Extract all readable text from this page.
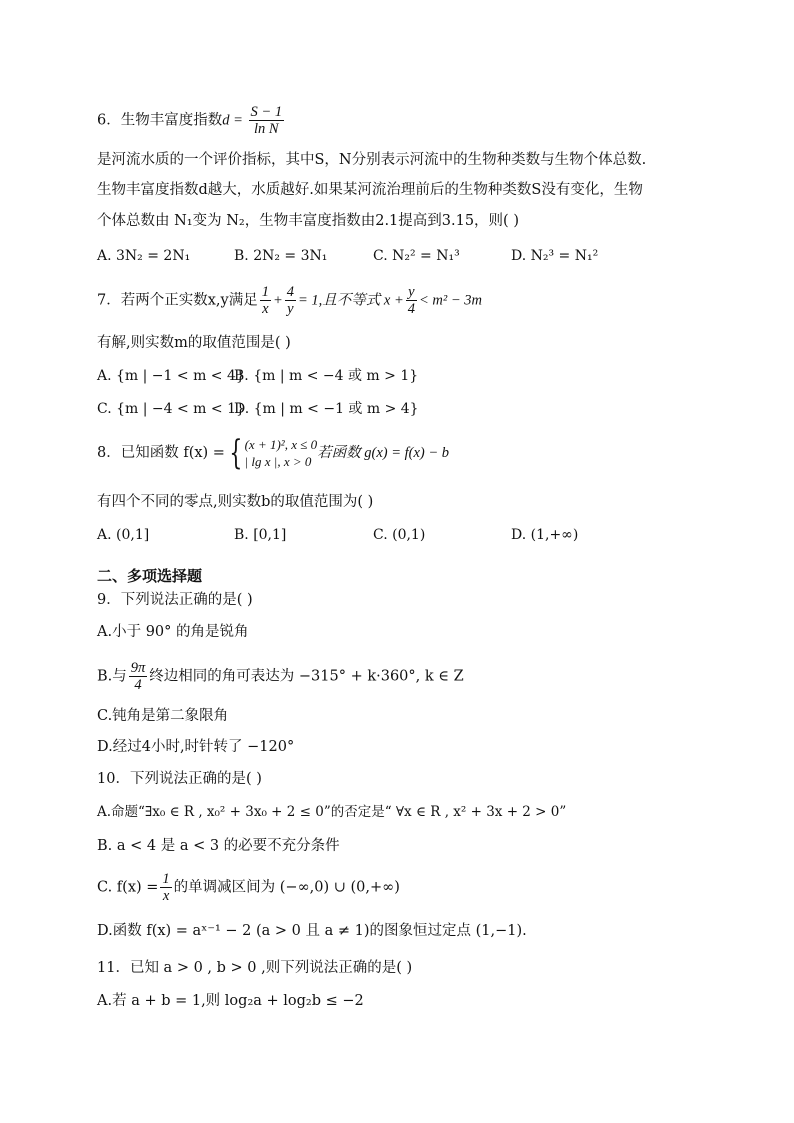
6．生物丰富度指数$d = \frac{S - 1}{\text{ln N}}$
是河流水质的一个评价指标，其中S，N分别表示河流中的生物种类数与生物个体总数.
生物丰富度指数d越大，水质越好.如果某河流治理前后的生物种类数S没有变化，生物
个体总数由 N₁变为 N₂，生物丰富度指数由2.1提高到3.15，则( )
A. 3N₂ = 2N₁	B. 2N₂ = 3N₁	C. N₂² = N₁³	D. N₂³ = N₁²
7．若两个正实数x,y满足 $\frac{1}{x} + \frac{4}{y} = 1$,且不等式 $x + \frac{y}{4} < m^2 - 3m$
有解,则实数m的取值范围是( )
A. {m | −1 < m < 4}
B. {m | m < −4 或 m > 1}
C. {m | −4 < m < 1}
D. {m | m < −1 或 m > 4}
8．已知函数 f(x) = { (x + 1)², x ≤ 0
| lg x |, x > 0
若函数 g(x) = f(x) − b
有四个不同的零点,则实数b的取值范围为( )
A. (0,1]	B. [0,1]	C. (0,1)	D. (1,+∞)
二、多项选择题
9．下列说法正确的是( )
A.小于 90° 的角是锐角
B.与 $\frac{9\pi}{4}$ 终边相同的角可表达为 −315° + k·360°, k ∈ Z
C.钝角是第二象限角
D.经过4小时,时针转了 −120°
10．下列说法正确的是( )
A.命题“∃x₀ ∈ R , x₀² + 3x₀ + 2 ≤ 0”的否定是“ ∀x ∈ R , x² + 3x + 2 > 0”
B. a < 4 是 a < 3 的必要不充分条件
C. $f(x) = \frac{1}{x}$ 的单调减区间为 (−∞,0) ∪ (0,+∞)
D.函数 f(x) = aˣ⁻¹ − 2 (a > 0 且 a ≠ 1)的图象恒过定点 (1,−1).
11．已知 a > 0 , b > 0 ,则下列说法正确的是( )
A.若 a + b = 1,则 log₂a + log₂b ≤ −2
